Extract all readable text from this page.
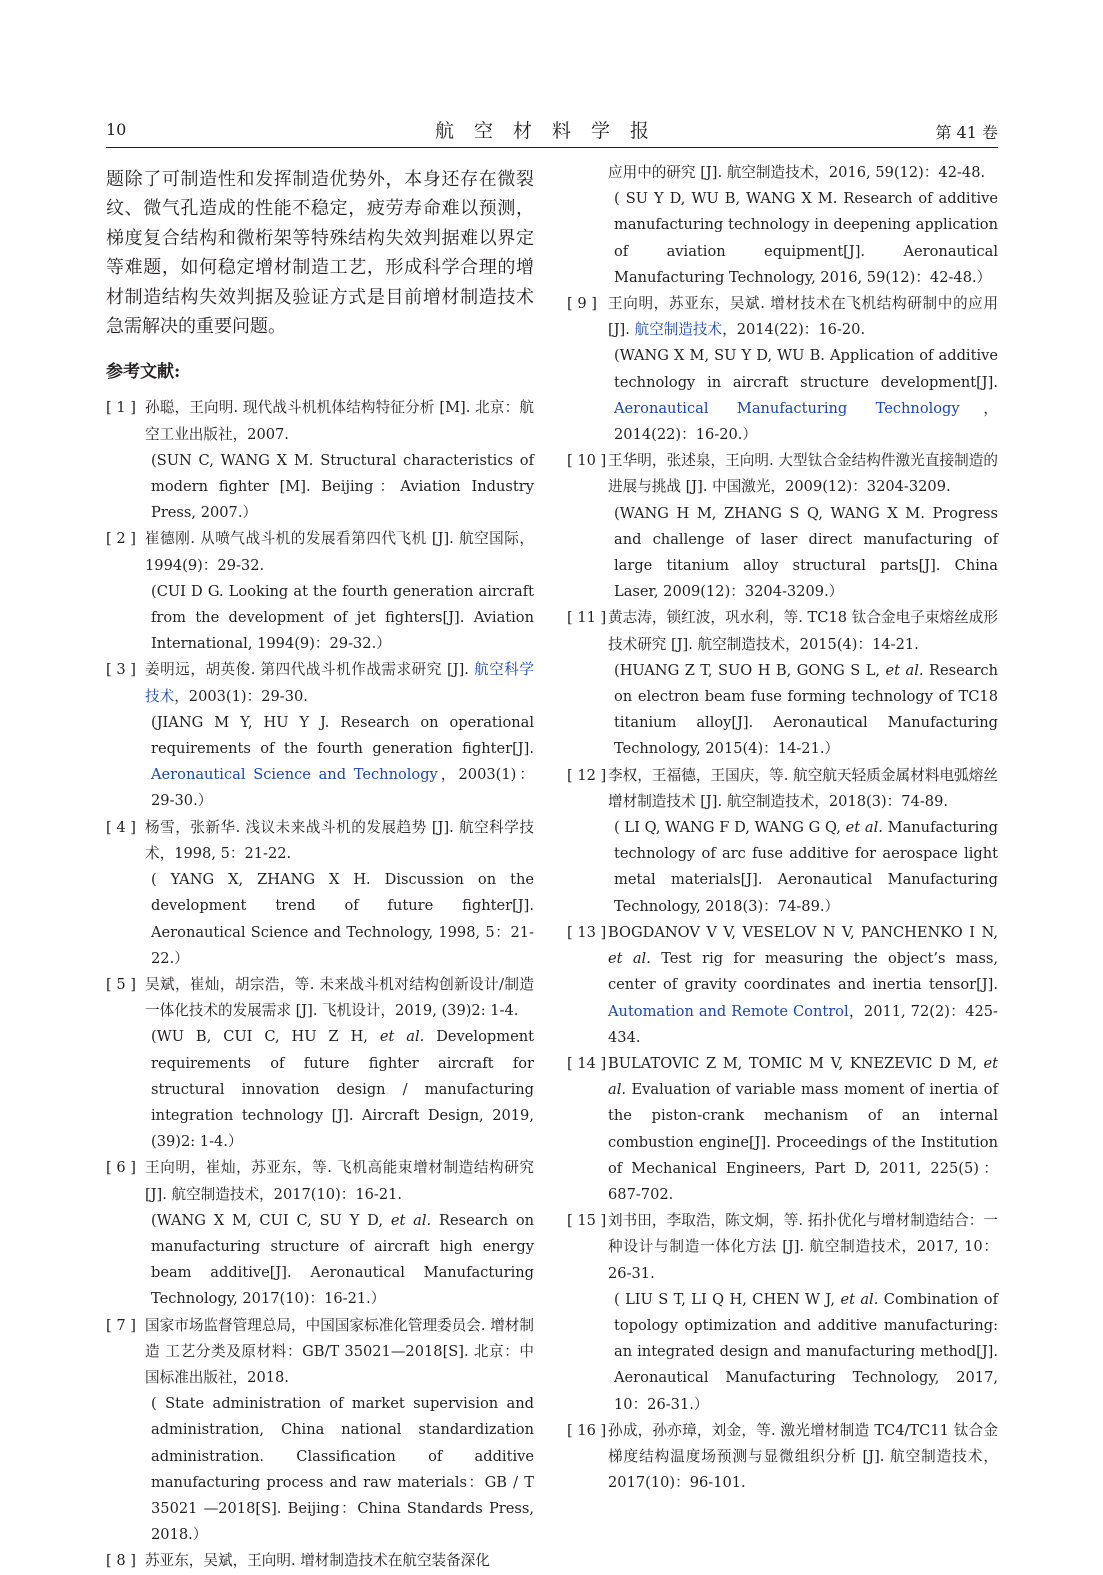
10	航空材料学报	第 41 卷

题除了可制造性和发挥制造优势外，本身还存在微裂纹、微气孔造成的性能不稳定，疲劳寿命难以预测，梯度复合结构和微桁架等特殊结构失效判据难以界定等难题，如何稳定增材制造工艺，形成科学合理的增材制造结构失效判据及验证方式是目前增材制造技术急需解决的重要问题。

参考文献:
[ 1 ] 孙聪，王向明. 现代战斗机机体结构特征分析 [M]. 北京：航空工业出版社，2007.
(SUN C, WANG X M. Structural characteristics of modern fighter [M]. Beijing：Aviation Industry Press, 2007.）
[ 2 ] 崔德刚. 从喷气战斗机的发展看第四代飞机 [J]. 航空国际，1994(9)：29-32.
(CUI D G. Looking at the fourth generation aircraft from the development of jet fighters[J]. Aviation International, 1994(9)：29-32.）
[ 3 ] 姜明远，胡英俊. 第四代战斗机作战需求研究 [J]. 航空科学技术，2003(1)：29-30.
(JIANG M Y, HU Y J. Research on operational requirements of the fourth generation fighter[J]. Aeronautical Science and Technology，2003(1)：29-30.）
[ 4 ] 杨雪，张新华. 浅议未来战斗机的发展趋势 [J]. 航空科学技术，1998, 5：21-22.
( YANG X, ZHANG X H. Discussion on the development trend of future fighter[J]. Aeronautical Science and Technology, 1998, 5：21-22.）
[ 5 ] 吴斌，崔灿，胡宗浩，等. 未来战斗机对结构创新设计/制造一体化技术的发展需求 [J]. 飞机设计，2019, (39)2: 1-4.
(WU B, CUI C, HU Z H, et al. Development requirements of future fighter aircraft for structural innovation design / manufacturing integration technology [J]. Aircraft Design, 2019, (39)2: 1-4.）
[ 6 ] 王向明，崔灿，苏亚东，等. 飞机高能束增材制造结构研究 [J]. 航空制造技术，2017(10)：16-21.
(WANG X M, CUI C, SU Y D, et al. Research on manufacturing structure of aircraft high energy beam additive[J]. Aeronautical Manufacturing Technology, 2017(10)：16-21.）
[ 7 ] 国家市场监督管理总局，中国国家标准化管理委员会. 增材制造 工艺分类及原材料：GB/T 35021—2018[S]. 北京：中国标准出版社，2018.
( State administration of market supervision and administration, China national standardization administration. Classification of additive manufacturing process and raw materials：GB / T 35021 —2018[S]. Beijing：China Standards Press, 2018.）
[ 8 ] 苏亚东，吴斌，王向明. 增材制造技术在航空装备深化
应用中的研究 [J]. 航空制造技术，2016, 59(12)：42-48.
( SU Y D, WU B, WANG X M. Research of additive manufacturing technology in deepening application of aviation equipment[J]. Aeronautical Manufacturing Technology, 2016, 59(12)：42-48.）
[ 9 ] 王向明，苏亚东，吴斌. 增材技术在飞机结构研制中的应用 [J]. 航空制造技术，2014(22)：16-20.
(WANG X M, SU Y D, WU B. Application of additive technology in aircraft structure development[J]. Aeronautical Manufacturing Technology，2014(22)：16-20.）
[ 10 ] 王华明，张述泉，王向明. 大型钛合金结构件激光直接制造的进展与挑战 [J]. 中国激光，2009(12)：3204-3209.
(WANG H M, ZHANG S Q, WANG X M. Progress and challenge of laser direct manufacturing of large titanium alloy structural parts[J]. China Laser, 2009(12)：3204-3209.）
[ 11 ] 黄志涛，锁红波，巩水利，等. TC18 钛合金电子束熔丝成形技术研究 [J]. 航空制造技术，2015(4)：14-21.
(HUANG Z T, SUO H B, GONG S L, et al. Research on electron beam fuse forming technology of TC18 titanium alloy[J]. Aeronautical Manufacturing Technology, 2015(4)：14-21.）
[ 12 ] 李权，王福德，王国庆，等. 航空航天轻质金属材料电弧熔丝增材制造技术 [J]. 航空制造技术，2018(3)：74-89.
( LI Q, WANG F D, WANG G Q, et al. Manufacturing technology of arc fuse additive for aerospace light metal materials[J]. Aeronautical Manufacturing Technology, 2018(3)：74-89.）
[ 13 ] BOGDANOV V V, VESELOV N V, PANCHENKO I N, et al. Test rig for measuring the object’s mass, center of gravity coordinates and inertia tensor[J]. Automation and Remote Control，2011, 72(2)：425-434.
[ 14 ] BULATOVIC Z M, TOMIC M V, KNEZEVIC D M, et al. Evaluation of variable mass moment of inertia of the piston-crank mechanism of an internal combustion engine[J]. Proceedings of the Institution of Mechanical Engineers, Part D, 2011, 225(5)：687-702.
[ 15 ] 刘书田，李取浩，陈文炯，等. 拓扑优化与增材制造结合：一种设计与制造一体化方法 [J]. 航空制造技术，2017, 10：26-31.
( LIU S T, LI Q H, CHEN W J, et al. Combination of topology optimization and additive manufacturing: an integrated design and manufacturing method[J]. Aeronautical Manufacturing Technology, 2017, 10：26-31.）
[ 16 ] 孙成，孙亦璋，刘金，等. 激光增材制造 TC4/TC11 钛合金梯度结构温度场预测与显微组织分析 [J]. 航空制造技术，2017(10)：96-101.
